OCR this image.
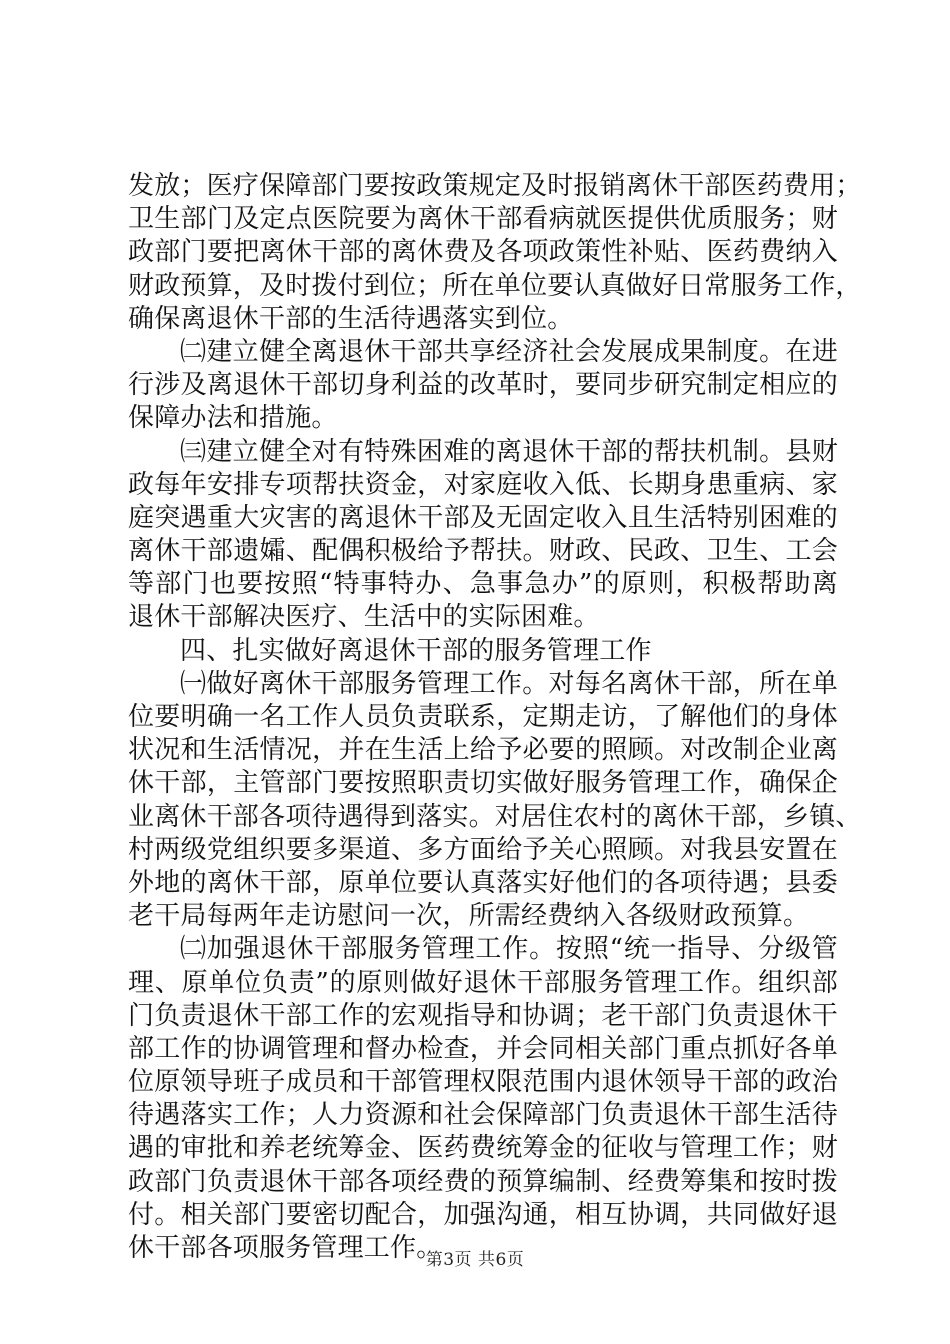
发放；医疗保障部门要按政策规定及时报销离休干部医药费用；
卫生部门及定点医院要为离休干部看病就医提供优质服务；财
政部门要把离休干部的离休费及各项政策性补贴、医药费纳入
财政预算，及时拨付到位；所在单位要认真做好日常服务工作，
确保离退休干部的生活待遇落实到位。
㈡建立健全离退休干部共享经济社会发展成果制度。在进
行涉及离退休干部切身利益的改革时，要同步研究制定相应的
保障办法和措施。
㈢建立健全对有特殊困难的离退休干部的帮扶机制。县财
政每年安排专项帮扶资金，对家庭收入低、长期身患重病、家
庭突遇重大灾害的离退休干部及无固定收入且生活特别困难的
离休干部遗孀、配偶积极给予帮扶。财政、民政、卫生、工会
等部门也要按照“特事特办、急事急办”的原则，积极帮助离
退休干部解决医疗、生活中的实际困难。
四、扎实做好离退休干部的服务管理工作
㈠做好离休干部服务管理工作。对每名离休干部，所在单
位要明确一名工作人员负责联系，定期走访，了解他们的身体
状况和生活情况，并在生活上给予必要的照顾。对改制企业离
休干部，主管部门要按照职责切实做好服务管理工作，确保企
业离休干部各项待遇得到落实。对居住农村的离休干部，乡镇、
村两级党组织要多渠道、多方面给予关心照顾。对我县安置在
外地的离休干部，原单位要认真落实好他们的各项待遇；县委
老干局每两年走访慰问一次，所需经费纳入各级财政预算。
㈡加强退休干部服务管理工作。按照“统一指导、分级管
理、原单位负责”的原则做好退休干部服务管理工作。组织部
门负责退休干部工作的宏观指导和协调；老干部门负责退休干
部工作的协调管理和督办检查，并会同相关部门重点抓好各单
位原领导班子成员和干部管理权限范围内退休领导干部的政治
待遇落实工作；人力资源和社会保障部门负责退休干部生活待
遇的审批和养老统筹金、医药费统筹金的征收与管理工作；财
政部门负责退休干部各项经费的预算编制、经费筹集和按时拨
付。相关部门要密切配合，加强沟通，相互协调，共同做好退
休干部各项服务管理工作。
第3页 共6页
